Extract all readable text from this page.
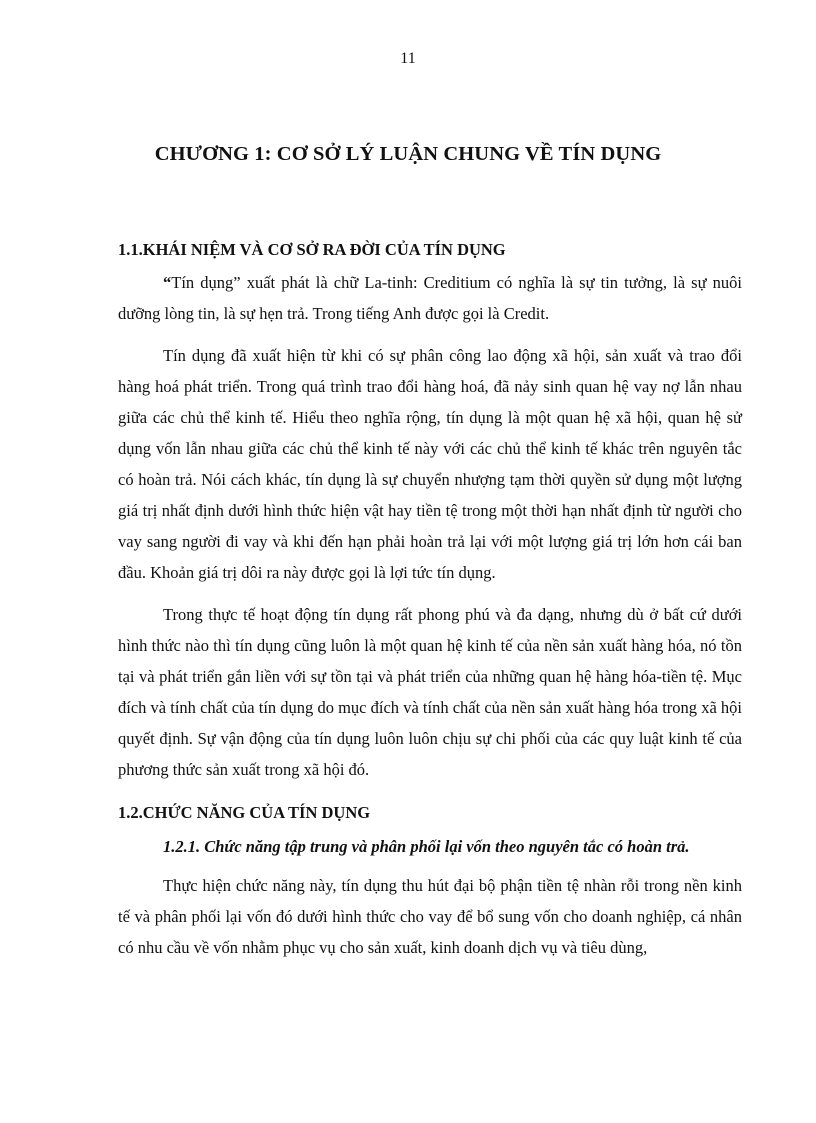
11
CHƯƠNG 1: CƠ SỞ LÝ LUẬN CHUNG VỀ TÍN DỤNG
1.1.KHÁI NIỆM VÀ CƠ SỞ RA ĐỜI CỦA TÍN DỤNG

“Tín dụng” xuất phát là chữ La-tinh: Creditium có nghĩa là sự tin tưởng, là sự nuôi dưỡng lòng tin, là sự hẹn trả. Trong tiếng Anh được gọi là Credit.

Tín dụng đã xuất hiện từ khi có sự phân công lao động xã hội, sản xuất và trao đổi hàng hoá phát triển. Trong quá trình trao đổi hàng hoá, đã nảy sinh quan hệ vay nợ lẫn nhau giữa các chủ thể kinh tế. Hiểu theo nghĩa rộng, tín dụng là một quan hệ xã hội, quan hệ sử dụng vốn lẫn nhau giữa các chủ thể kinh tế này với các chủ thể kinh tế khác trên nguyên tắc có hoàn trả. Nói cách khác, tín dụng là sự chuyển nhượng tạm thời quyền sử dụng một lượng giá trị nhất định dưới hình thức hiện vật hay tiền tệ trong một thời hạn nhất định từ người cho vay sang người đi vay và khi đến hạn phải hoàn trả lại với một lượng giá trị lớn hơn cái ban đầu. Khoản giá trị dôi ra này được gọi là lợi tức tín dụng.

Trong thực tế hoạt động tín dụng rất phong phú và đa dạng, nhưng dù ở bất cứ dưới hình thức nào thì tín dụng cũng luôn là một quan hệ kinh tế của nền sản xuất hàng hóa, nó tồn tại và phát triển gắn liền với sự tồn tại và phát triển của những quan hệ hàng hóa-tiền tệ. Mục đích và tính chất của tín dụng do mục đích và tính chất của nền sản xuất hàng hóa trong xã hội quyết định. Sự vận động của tín dụng luôn luôn chịu sự chi phối của các quy luật kinh tế của phương thức sản xuất trong xã hội đó.

1.2.CHỨC NĂNG CỦA TÍN DỤNG
1.2.1. Chức năng tập trung và phân phối lại vốn theo nguyên tắc có hoàn trả.

Thực hiện chức năng này, tín dụng thu hút đại bộ phận tiền tệ nhàn rỗi trong nền kinh tế và phân phối lại vốn đó dưới hình thức cho vay để bổ sung vốn cho doanh nghiệp, cá nhân có nhu cầu về vốn nhằm phục vụ cho sản xuất, kinh doanh dịch vụ và tiêu dùng,
